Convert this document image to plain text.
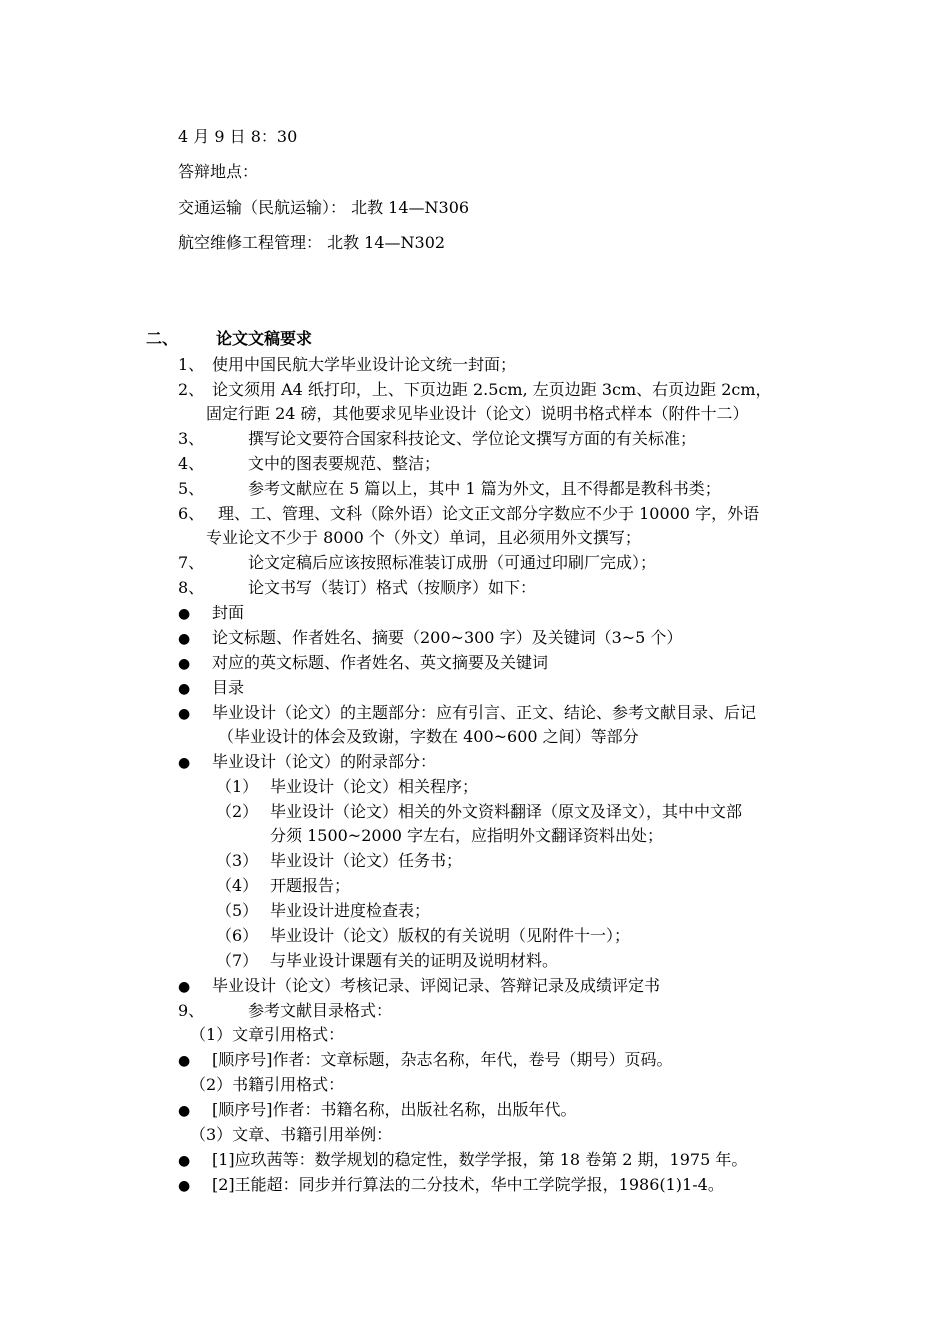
4 月 9 日 8：30
答辩地点：
交通运输（民航运输）： 北教 14—N306
航空维修工程管理： 北教 14—N302
二、 论文文稿要求
1、 使用中国民航大学毕业设计论文统一封面；
2、 论文须用 A4 纸打印，上、下页边距 2.5cm, 左页边距 3cm、右页边距 2cm，
固定行距 24 磅，其他要求见毕业设计（论文）说明书格式样本（附件十二）
3、	撰写论文要符合国家科技论文、学位论文撰写方面的有关标准；
4、	文中的图表要规范、整洁；
5、	参考文献应在 5 篇以上，其中 1 篇为外文，且不得都是教科书类；
6、 理、工、管理、文科（除外语）论文正文部分字数应不少于 10000 字，外语
专业论文不少于 8000 个（外文）单词，且必须用外文撰写；
7、	论文定稿后应该按照标准装订成册（可通过印刷厂完成）；
8、	论文书写（装订）格式（按顺序）如下：
● 封面
● 论文标题、作者姓名、摘要（200~300 字）及关键词（3~5 个）
● 对应的英文标题、作者姓名、英文摘要及关键词
● 目录
● 毕业设计（论文）的主题部分：应有引言、正文、结论、参考文献目录、后记
（毕业设计的体会及致谢，字数在 400~600 之间）等部分
● 毕业设计（论文）的附录部分：
（1） 毕业设计（论文）相关程序；
（2） 毕业设计（论文）相关的外文资料翻译（原文及译文），其中中文部
分须 1500~2000 字左右，应指明外文翻译资料出处；
（3） 毕业设计（论文）任务书；
（4） 开题报告；
（5） 毕业设计进度检查表；
（6） 毕业设计（论文）版权的有关说明（见附件十一）；
（7） 与毕业设计课题有关的证明及说明材料。
● 毕业设计（论文）考核记录、评阅记录、答辩记录及成绩评定书
9、	参考文献目录格式：
（1）文章引用格式：
● [顺序号]作者：文章标题，杂志名称，年代，卷号（期号）页码。
（2）书籍引用格式：
● [顺序号]作者：书籍名称，出版社名称，出版年代。
（3）文章、书籍引用举例：
● [1]应玖茜等：数学规划的稳定性，数学学报，第 18 卷第 2 期，1975 年。
● [2]王能超：同步并行算法的二分技术，华中工学院学报，1986(1)1-4。
